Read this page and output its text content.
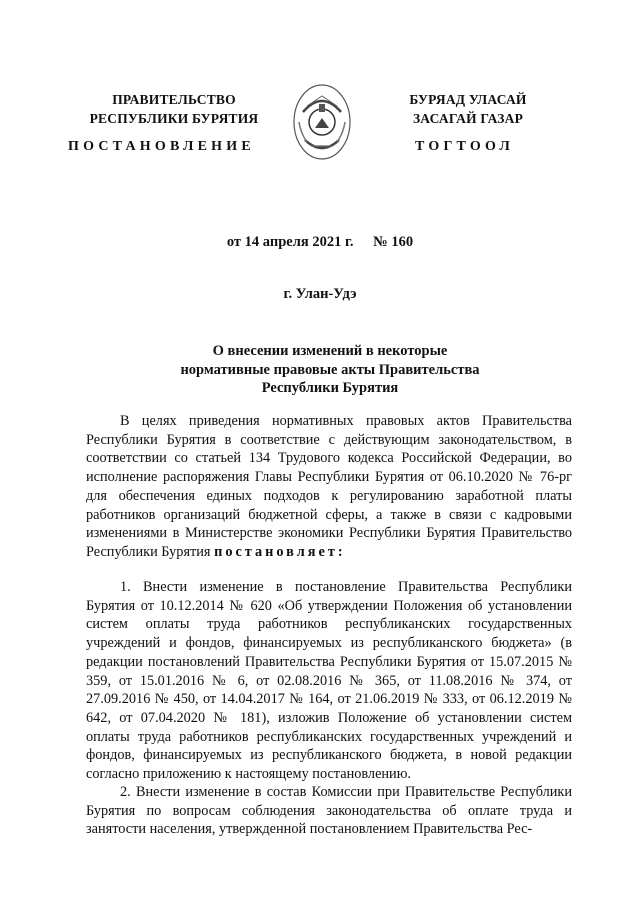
ПРАВИТЕЛЬСТВО
РЕСПУБЛИКИ БУРЯТИЯ
БУРЯАД УЛАСАЙ
ЗАСАГАЙ ГАЗАР
ПОСТАНОВЛЕНИЕ	ТОГТООЛ
от 14 апреля 2021 г. № 160
г. Улан-Удэ
О внесении изменений в некоторые нормативные правовые акты Правительства Республики Бурятия
В целях приведения нормативных правовых актов Правительства Республики Бурятия в соответствие с действующим законодательством, в соответствии со статьей 134 Трудового кодекса Российской Федерации, во исполнение распоряжения Главы Республики Бурятия от 06.10.2020 № 76-рг для обеспечения единых подходов к регулированию заработной платы работников организаций бюджетной сферы, а также в связи с кадровыми изменениями в Министерстве экономики Республики Бурятия Правительство Республики Бурятия постановляет:
1. Внести изменение в постановление Правительства Республики Бурятия от 10.12.2014 № 620 «Об утверждении Положения об установлении систем оплаты труда работников республиканских государственных учреждений и фондов, финансируемых из республиканского бюджета» (в редакции постановлений Правительства Республики Бурятия от 15.07.2015 № 359, от 15.01.2016 № 6, от 02.08.2016 № 365, от 11.08.2016 № 374, от 27.09.2016 № 450, от 14.04.2017 № 164, от 21.06.2019 № 333, от 06.12.2019 № 642, от 07.04.2020 № 181), изложив Положение об установлении систем оплаты труда работников республиканских государственных учреждений и фондов, финансируемых из республиканского бюджета, в новой редакции согласно приложению к настоящему постановлению.
2. Внести изменение в состав Комиссии при Правительстве Республики Бурятия по вопросам соблюдения законодательства об оплате труда и занятости населения, утвержденной постановлением Правительства Рес-
